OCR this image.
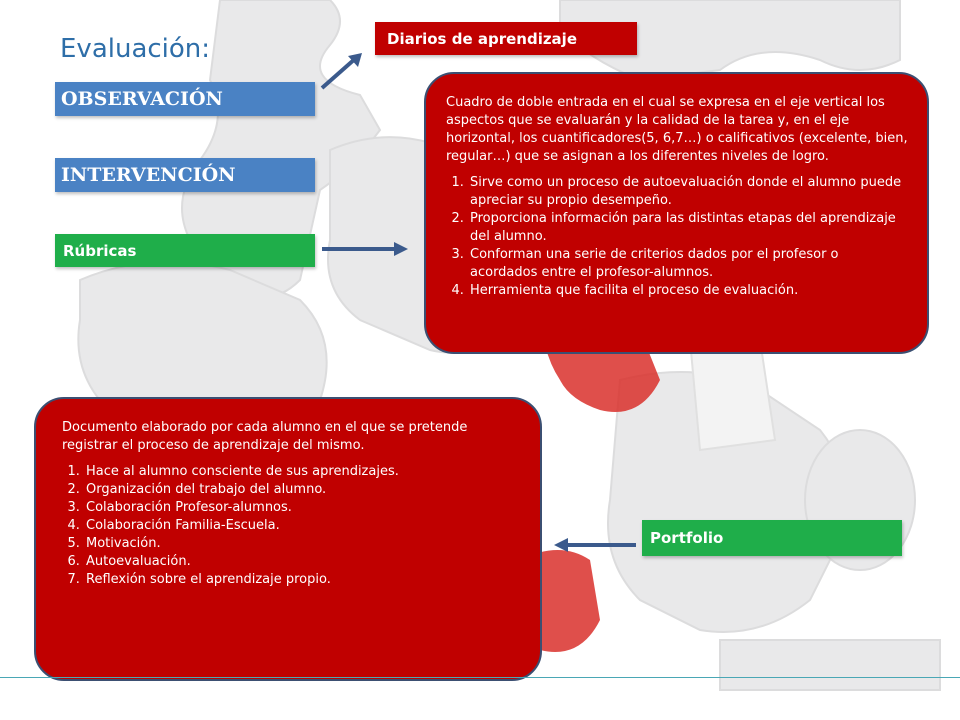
Evaluación:
OBSERVACIÓN
INTERVENCIÓN
Rúbricas
Diarios de aprendizaje
Portfolio

Cuadro de doble entrada en el cual se expresa en el eje vertical los aspectos que se evaluarán y la calidad de la tarea y, en el eje horizontal, los cuantificadores(5, 6,7…) o calificativos (excelente, bien, regular…) que se asignan a los diferentes niveles de logro.

1. Sirve como un proceso de autoevaluación donde el alumno puede apreciar su propio desempeño.
2. Proporciona información para las distintas etapas del aprendizaje del alumno.
3. Conforman una serie de criterios dados por el profesor o acordados entre el profesor-alumnos.
4. Herramienta que facilita el proceso de evaluación.

Documento elaborado por cada alumno en el que se pretende registrar el proceso de aprendizaje del mismo.

1. Hace al alumno consciente de sus aprendizajes.
2. Organización del trabajo del alumno.
3. Colaboración Profesor-alumnos.
4. Colaboración Familia-Escuela.
5. Motivación.
6. Autoevaluación.
7. Reflexión sobre el aprendizaje propio.
